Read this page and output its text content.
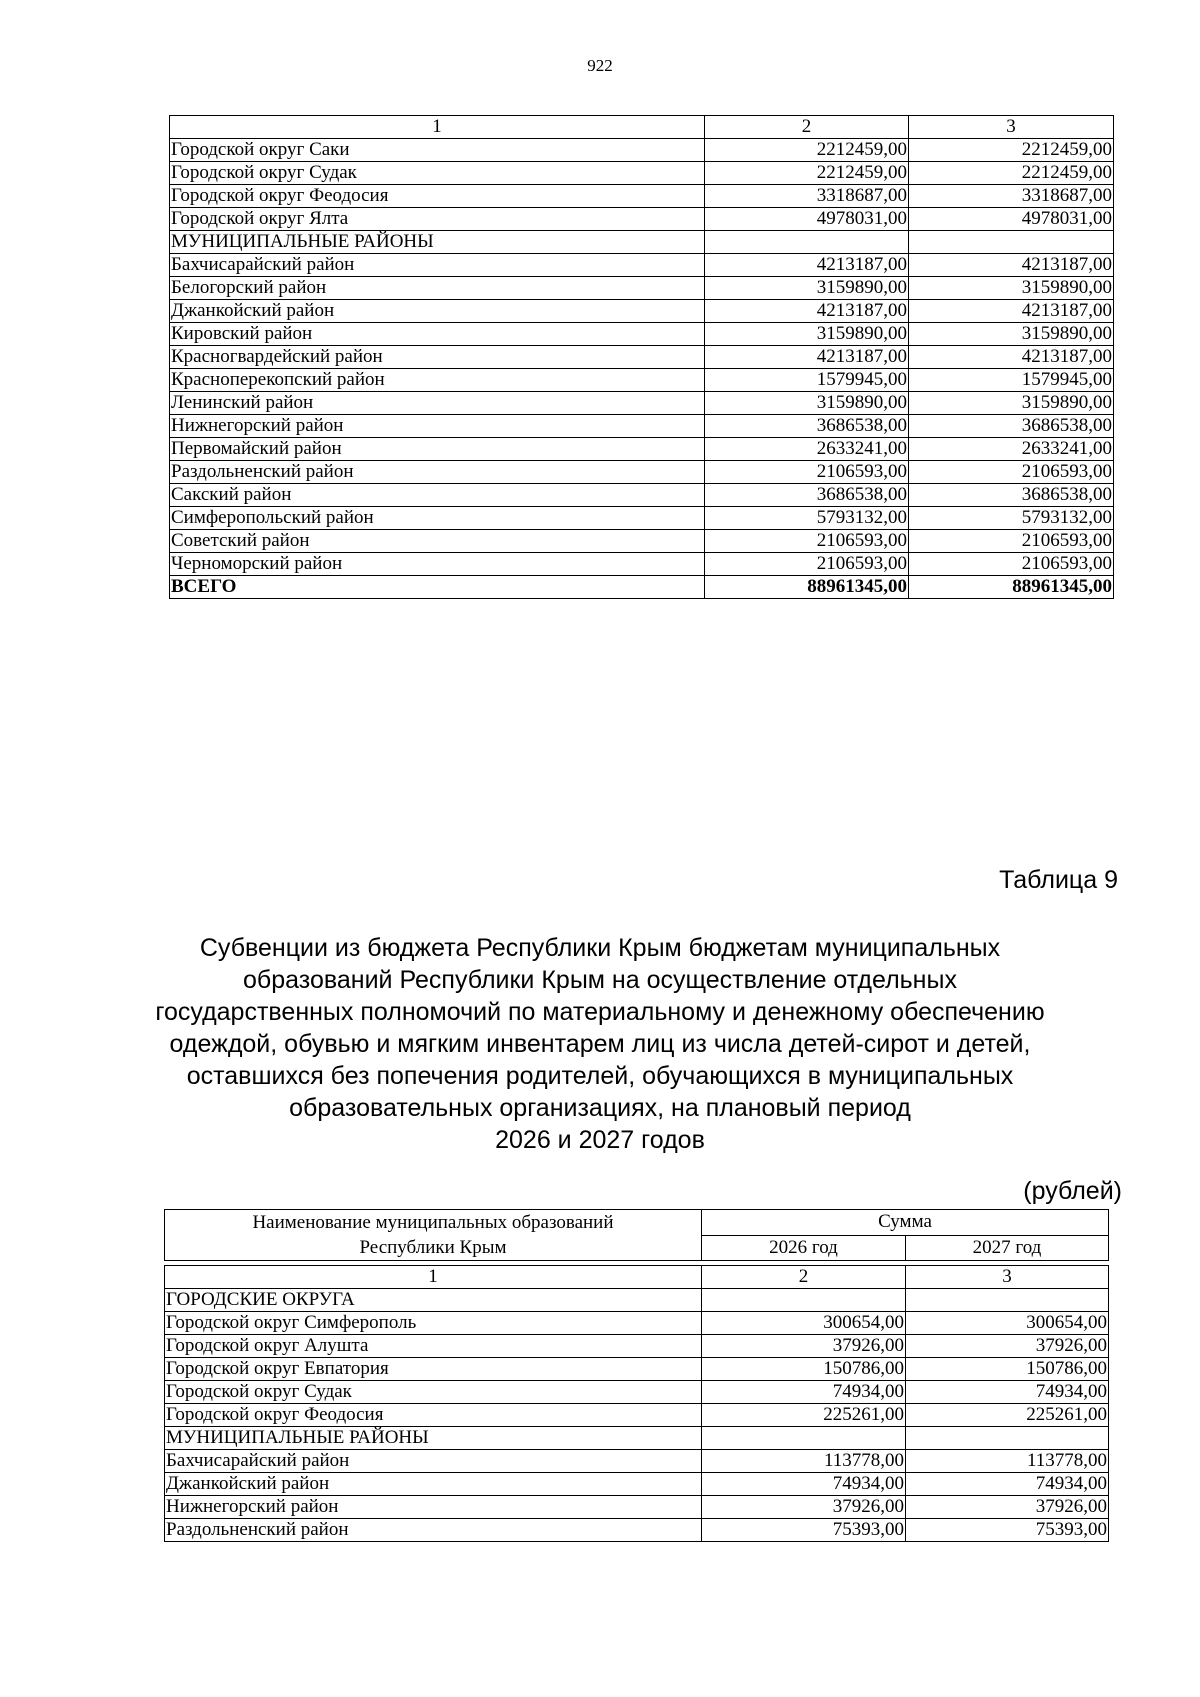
922
1	2	3
Городской округ Саки	2212459,00	2212459,00
Городской округ Судак	2212459,00	2212459,00
Городской округ Феодосия	3318687,00	3318687,00
Городской округ Ялта	4978031,00	4978031,00
МУНИЦИПАЛЬНЫЕ РАЙОНЫ		
Бахчисарайский район	4213187,00	4213187,00
Белогорский район	3159890,00	3159890,00
Джанкойский район	4213187,00	4213187,00
Кировский район	3159890,00	3159890,00
Красногвардейский район	4213187,00	4213187,00
Красноперекопский район	1579945,00	1579945,00
Ленинский район	3159890,00	3159890,00
Нижнегорский район	3686538,00	3686538,00
Первомайский район	2633241,00	2633241,00
Раздольненский район	2106593,00	2106593,00
Сакский район	3686538,00	3686538,00
Симферопольский район	5793132,00	5793132,00
Советский район	2106593,00	2106593,00
Черноморский район	2106593,00	2106593,00
ВСЕГО	88961345,00	88961345,00
Таблица 9
Субвенции из бюджета Республики Крым бюджетам муниципальных
образований Республики Крым на осуществление отдельных
государственных полномочий по материальному и денежному обеспечению
одеждой, обувью и мягким инвентарем лиц из числа детей-сирот и детей,
оставшихся без попечения родителей, обучающихся в муниципальных
образовательных организациях, на плановый период
2026 и 2027 годов
(рублей)
Наименование муниципальных образований
Республики Крым	Сумма	
	2026 год	2027 год

1	2	3
ГОРОДСКИЕ ОКРУГА		
Городской округ Симферополь	300654,00	300654,00
Городской округ Алушта	37926,00	37926,00
Городской округ Евпатория	150786,00	150786,00
Городской округ Судак	74934,00	74934,00
Городской округ Феодосия	225261,00	225261,00
МУНИЦИПАЛЬНЫЕ РАЙОНЫ		
Бахчисарайский район	113778,00	113778,00
Джанкойский район	74934,00	74934,00
Нижнегорский район	37926,00	37926,00
Раздольненский район	75393,00	75393,00
